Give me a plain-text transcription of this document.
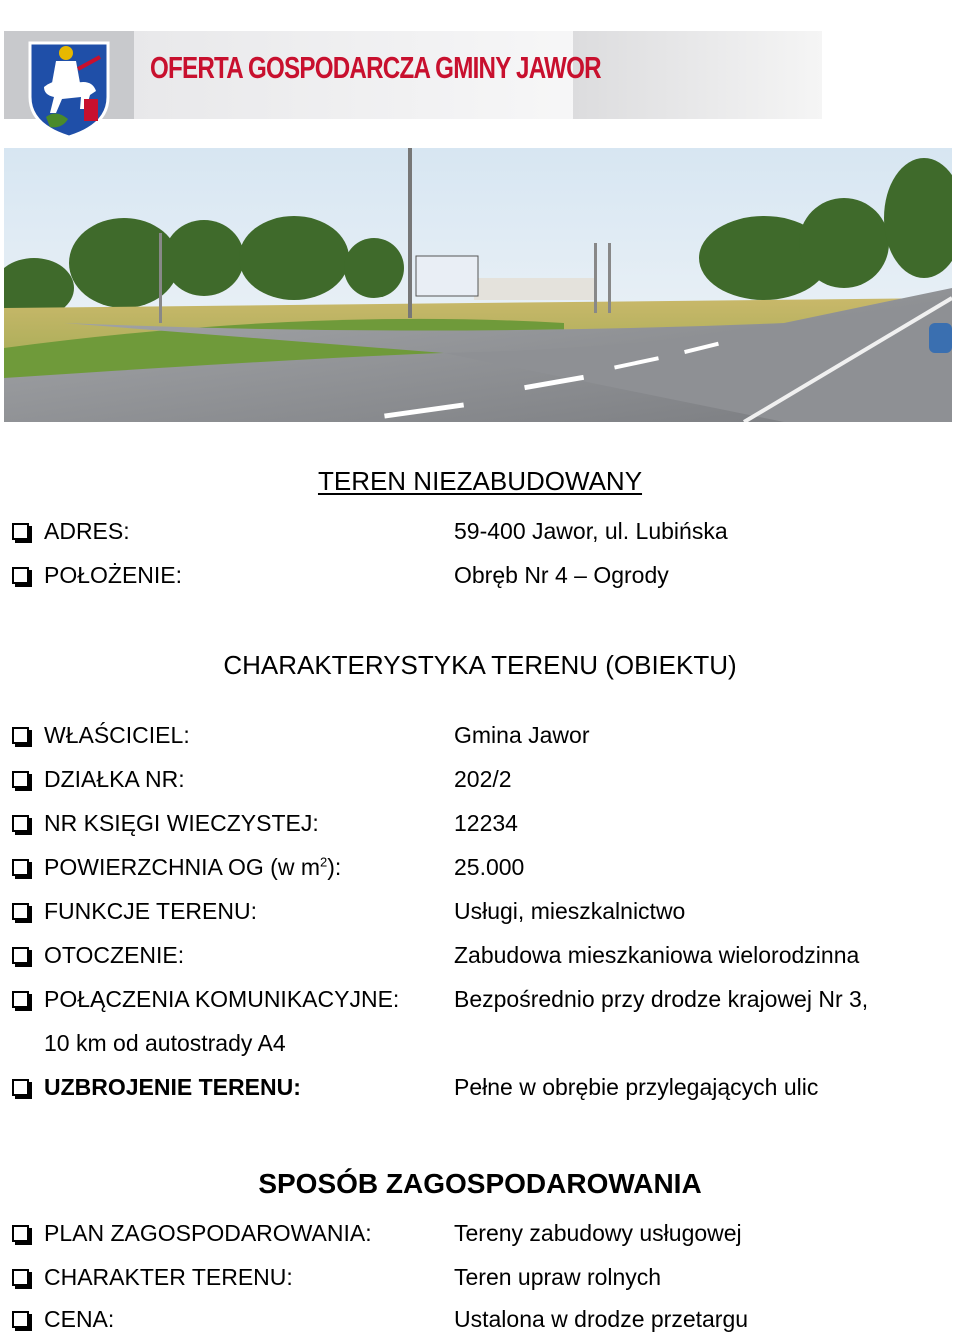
OFERTA GOSPODARCZA GMINY JAWOR
TEREN NIEZABUDOWANY
ADRES:	59-400 Jawor, ul. Lubińska
POŁOŻENIE:	Obręb Nr 4 – Ogrody
CHARAKTERYSTYKA TERENU (OBIEKTU)
WŁAŚCICIEL:	Gmina Jawor
DZIAŁKA NR:	202/2
NR KSIĘGI WIECZYSTEJ:	12234
POWIERZCHNIA OG (w $m^2$):	25.000
FUNKCJE TERENU:	Usługi, mieszkalnictwo
OTOCZENIE:	Zabudowa mieszkaniowa wielorodzinna
POŁĄCZENIA KOMUNIKACYJNE: Bezpośrednio przy drodze krajowej Nr 3,
10 km od autostrady A4
UZBROJENIE TERENU:	Pełne w obrębie przylegających ulic
SPOSÓB ZAGOSPODAROWANIA
PLAN ZAGOSPODAROWANIA:	Tereny zabudowy usługowej
CHARAKTER TERENU:	Teren upraw rolnych
CENA:	Ustalona w drodze przetargu
